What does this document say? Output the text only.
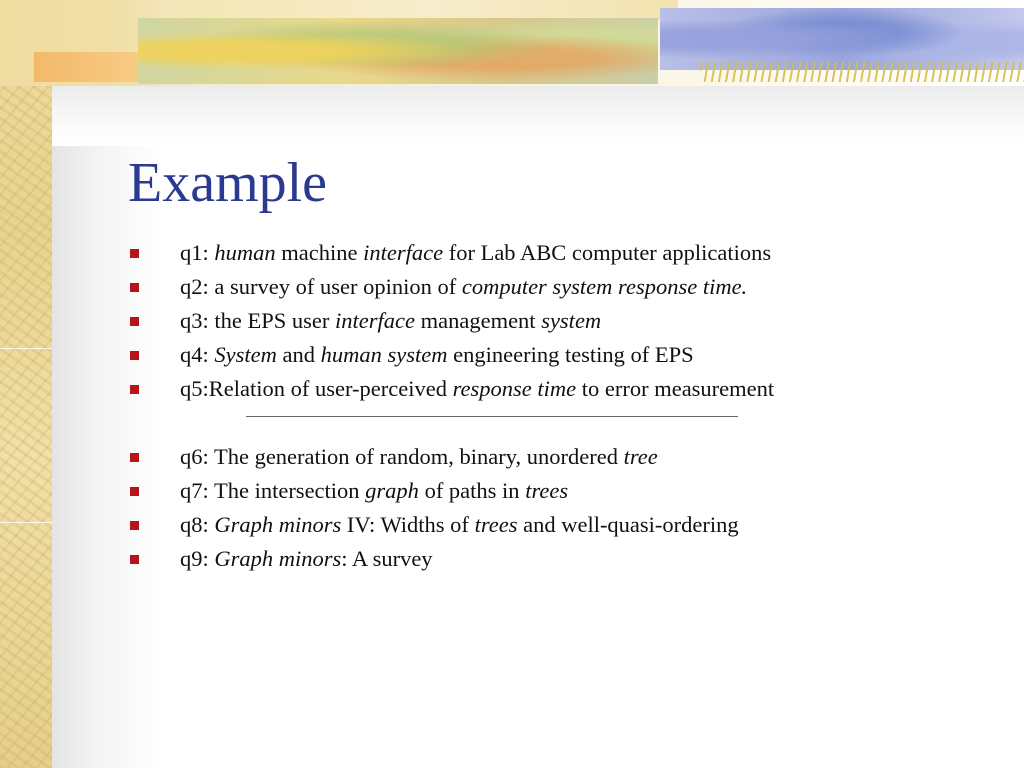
Example
q1: human machine interface for Lab ABC computer applications
q2: a survey of user opinion of computer system response time.
q3: the EPS user interface management system
q4: System and human system engineering testing of EPS
q5:Relation of user-perceived response time to error measurement
q6: The generation of random, binary, unordered tree
q7: The intersection graph of paths in trees
q8: Graph minors IV: Widths of trees and well-quasi-ordering
q9: Graph minors: A survey
